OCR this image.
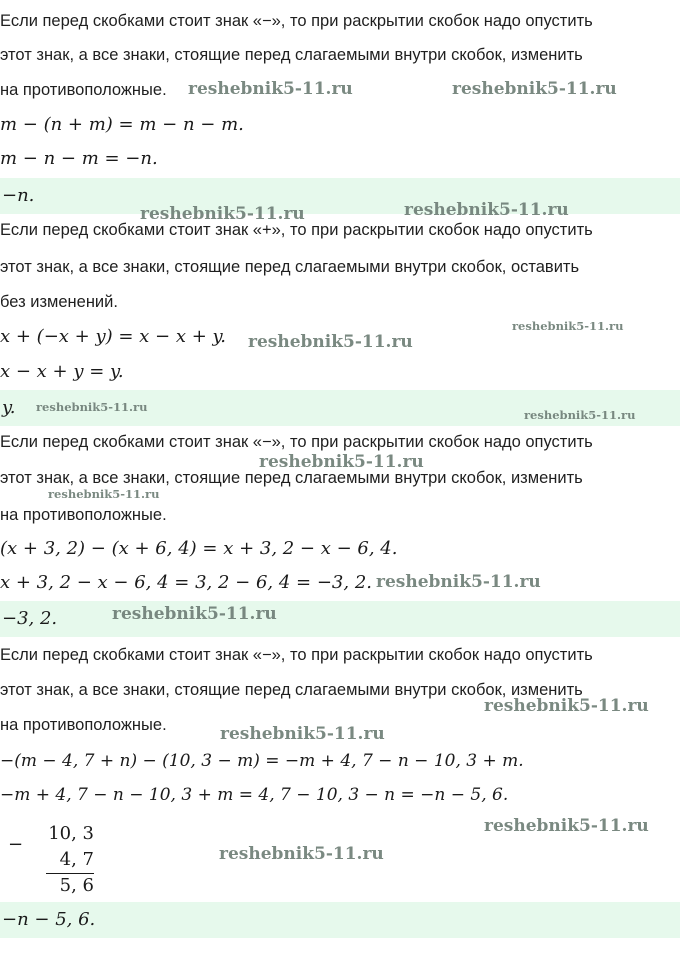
Если перед скобками стоит знак «−», то при раскрытии скобок надо опустить

этот знак, а все знаки, стоящие перед слагаемыми внутри скобок, изменить

на противоположные.

m − (n + m) = m − n − m.

m − n − m = −n.

−n.

Если перед скобками стоит знак «+», то при раскрытии скобок надо опустить

этот знак, а все знаки, стоящие перед слагаемыми внутри скобок, оставить

без изменений.

x + (−x + y) = x − x + y.

x − x + y = y.

y.

Если перед скобками стоит знак «−», то при раскрытии скобок надо опустить

этот знак, а все знаки, стоящие перед слагаемыми внутри скобок, изменить

на противоположные.

(x + 3, 2) − (x + 6, 4) = x + 3, 2 − x − 6, 4.

x + 3, 2 − x − 6, 4 = 3, 2 − 6, 4 = −3, 2.

−3, 2.

Если перед скобками стоит знак «−», то при раскрытии скобок надо опустить

этот знак, а все знаки, стоящие перед слагаемыми внутри скобок, изменить

на противоположные.

−(m − 4, 7 + n) − (10, 3 − m) = −m + 4, 7 − n − 10, 3 + m.

−m + 4, 7 − n − 10, 3 + m = 4, 7 − 10, 3 − n = −n − 5, 6.

−
10, 3
4, 7
5, 6

−n − 5, 6.

reshebnik5-11.ru	reshebnik5-11.ru
reshebnik5-11.ru	reshebnik5-11.ru
reshebnik5-11.ru
reshebnik5-11.ru
reshebnik5-11.ru
reshebnik5-11.ru
reshebnik5-11.ru
reshebnik5-11.ru
reshebnik5-11.ru
reshebnik5-11.ru
reshebnik5-11.ru
reshebnik5-11.ru
reshebnik5-11.ru
reshebnik5-11.ru
